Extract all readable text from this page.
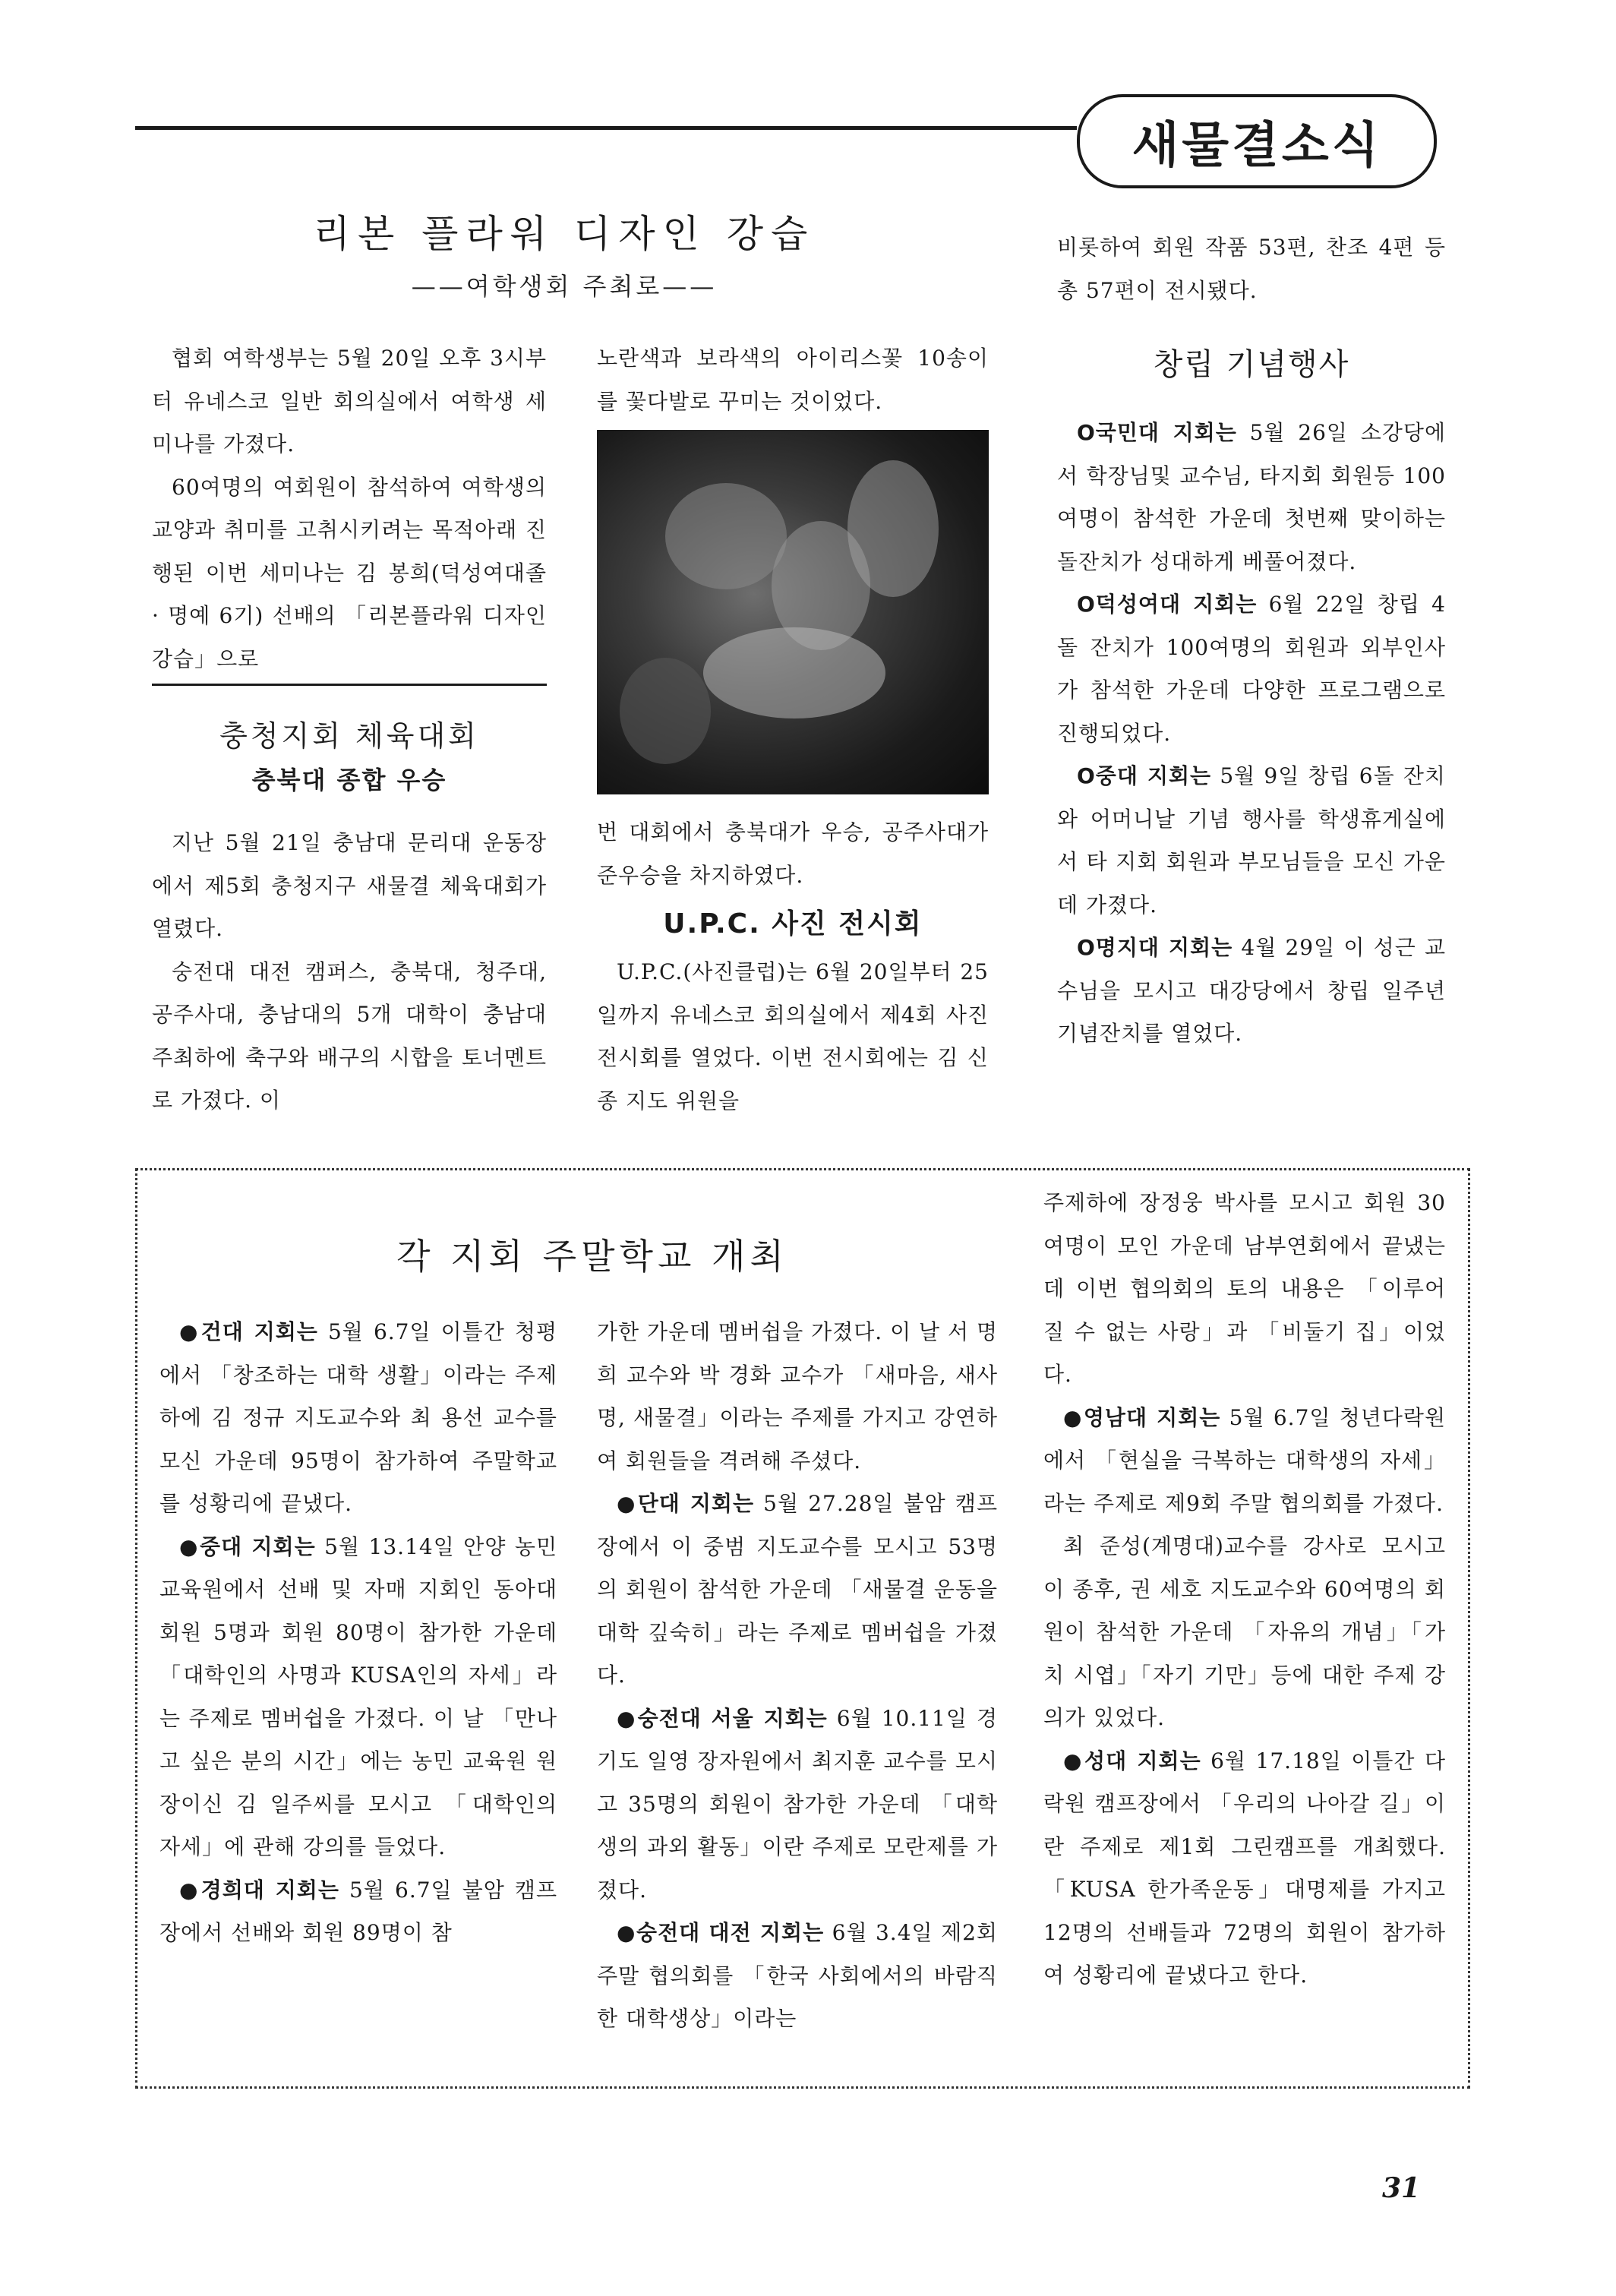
새물결소식
리본 플라워 디자인 강습
——여학생회 주최로——

협회 여학생부는 5월 20일 오후 3시부터 유네스코 일반 회의실에서 여학생 세미나를 가졌다.

60여명의 여회원이 참석하여 여학생의 교양과 취미를 고취시키려는 목적아래 진행된 이번 세미나는 김 봉희(덕성여대졸 · 명예 6기) 선배의 「리본플라워 디자인강습」으로

노란색과 보라색의 아이리스꽃 10송이를 꽃다발로 꾸미는 것이었다.

충청지회 체육대회
충북대 종합 우승

지난 5월 21일 충남대 문리대 운동장에서 제5회 충청지구 새물결 체육대회가 열렸다.

숭전대 대전 캠퍼스, 충북대, 청주대, 공주사대, 충남대의 5개 대학이 충남대 주최하에 축구와 배구의 시합을 토너멘트로 가졌다. 이

번 대회에서 충북대가 우승, 공주사대가 준우승을 차지하였다.

U.P.C. 사진 전시회

U.P.C.(사진클럽)는 6월 20일부터 25일까지 유네스코 회의실에서 제4회 사진 전시회를 열었다. 이번 전시회에는 김 신종 지도 위원을

비롯하여 회원 작품 53편, 찬조 4편 등 총 57편이 전시됐다.

창립 기념행사

O국민대 지회는 5월 26일 소강당에서 학장님및 교수님, 타지회 회원등 100여명이 참석한 가운데 첫번째 맞이하는 돌잔치가 성대하게 베풀어졌다.

O덕성여대 지회는 6월 22일 창립 4돌 잔치가 100여명의 회원과 외부인사가 참석한 가운데 다양한 프로그램으로 진행되었다.

O중대 지회는 5월 9일 창립 6돌 잔치와 어머니날 기념 행사를 학생휴게실에서 타 지회 회원과 부모님들을 모신 가운데 가졌다.

O명지대 지회는 4월 29일 이 성근 교수님을 모시고 대강당에서 창립 일주년 기념잔치를 열었다.

각 지회 주말학교 개최

●건대 지회는 5월 6.7일 이틀간 청평에서 「창조하는 대학 생활」이라는 주제 하에 김 정규 지도교수와 최 용선 교수를 모신 가운데 95명이 참가하여 주말학교를 성황리에 끝냈다.

●중대 지회는 5월 13.14일 안양 농민 교육원에서 선배 및 자매 지회인 동아대 회원 5명과 회원 80명이 참가한 가운데 「대학인의 사명과 KUSA인의 자세」라는 주제로 멤버쉽을 가졌다. 이 날 「만나고 싶은 분의 시간」에는 농민 교육원 원장이신 김 일주씨를 모시고 「대학인의 자세」에 관해 강의를 들었다.

●경희대 지회는 5월 6.7일 불암 캠프장에서 선배와 회원 89명이 참

가한 가운데 멤버쉽을 가졌다. 이 날 서 명희 교수와 박 경화 교수가 「새마음, 새사명, 새물결」이라는 주제를 가지고 강연하여 회원들을 격려해 주셨다.

●단대 지회는 5월 27.28일 불암 캠프장에서 이 중범 지도교수를 모시고 53명의 회원이 참석한 가운데 「새물결 운동을 대학 깊숙히」라는 주제로 멤버쉽을 가졌다.

●숭전대 서울 지회는 6월 10.11일 경기도 일영 장자원에서 최지훈 교수를 모시고 35명의 회원이 참가한 가운데 「대학생의 과외 활동」이란 주제로 모란제를 가졌다.

●숭전대 대전 지회는 6월 3.4일 제2회 주말 협의회를 「한국 사회에서의 바람직한 대학생상」이라는

주제하에 장정웅 박사를 모시고 회원 30여명이 모인 가운데 남부연회에서 끝냈는데 이번 협의회의 토의 내용은 「이루어 질 수 없는 사랑」과 「비둘기 집」이었다.

●영남대 지회는 5월 6.7일 청년다락원에서 「현실을 극복하는 대학생의 자세」라는 주제로 제9회 주말 협의회를 가졌다.

최 준성(계명대)교수를 강사로 모시고 이 종후, 권 세호 지도교수와 60여명의 회원이 참석한 가운데 「자유의 개념」「가치 시엽」「자기 기만」등에 대한 주제 강의가 있었다.

●성대 지회는 6월 17.18일 이틀간 다락원 캠프장에서 「우리의 나아갈 길」이란 주제로 제1회 그린캠프를 개최했다. 「KUSA 한가족운동」대명제를 가지고 12명의 선배들과 72명의 회원이 참가하여 성황리에 끝냈다고 한다.

31
